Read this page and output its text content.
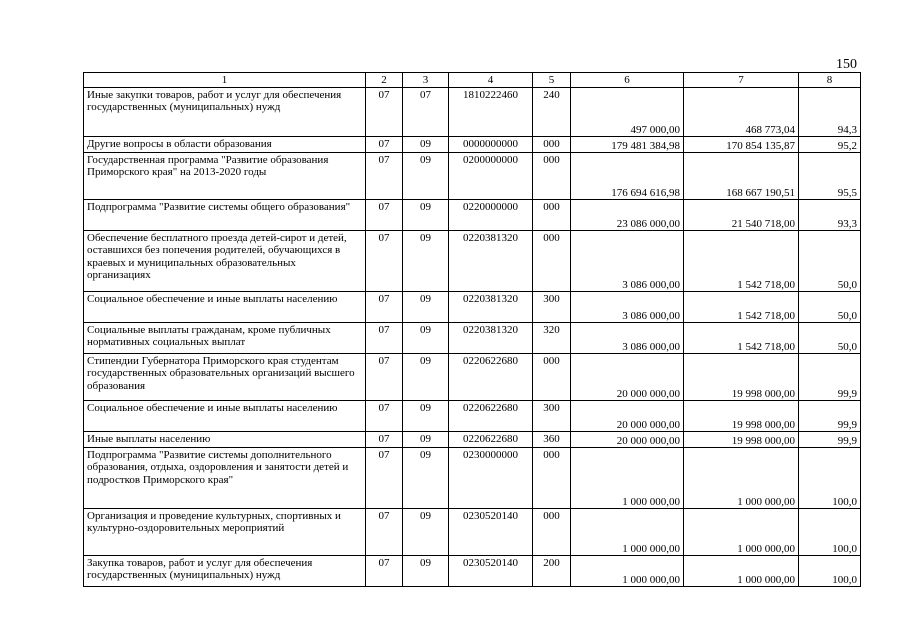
150
1	2	3	4	5	6	7	8
Иные закупки товаров, работ и услуг для обеспечения государственных (муниципальных) нужд	07	07	1810222460	240	497 000,00	468 773,04	94,3
Другие вопросы в области образования	07	09	0000000000	000	179 481 384,98	170 854 135,87	95,2
Государственная программа "Развитие образования Приморского края" на 2013-2020 годы	07	09	0200000000	000	176 694 616,98	168 667 190,51	95,5
Подпрограмма "Развитие системы общего образования"	07	09	0220000000	000	23 086 000,00	21 540 718,00	93,3
Обеспечение бесплатного проезда детей-сирот и детей, оставшихся без попечения родителей, обучающихся в краевых и муниципальных образовательных организациях	07	09	0220381320	000	3 086 000,00	1 542 718,00	50,0
Социальное обеспечение и иные выплаты населению	07	09	0220381320	300	3 086 000,00	1 542 718,00	50,0
Социальные выплаты гражданам, кроме публичных нормативных социальных выплат	07	09	0220381320	320	3 086 000,00	1 542 718,00	50,0
Стипендии Губернатора Приморского края студентам государственных образовательных организаций высшего образования	07	09	0220622680	000	20 000 000,00	19 998 000,00	99,9
Социальное обеспечение и иные выплаты населению	07	09	0220622680	300	20 000 000,00	19 998 000,00	99,9
Иные выплаты населению	07	09	0220622680	360	20 000 000,00	19 998 000,00	99,9
Подпрограмма "Развитие системы дополнительного образования, отдыха, оздоровления и занятости детей и подростков Приморского края"	07	09	0230000000	000	1 000 000,00	1 000 000,00	100,0
Организация и проведение культурных, спортивных и культурно-оздоровительных мероприятий	07	09	0230520140	000	1 000 000,00	1 000 000,00	100,0
Закупка товаров, работ и услуг для обеспечения государственных (муниципальных) нужд	07	09	0230520140	200	1 000 000,00	1 000 000,00	100,0
